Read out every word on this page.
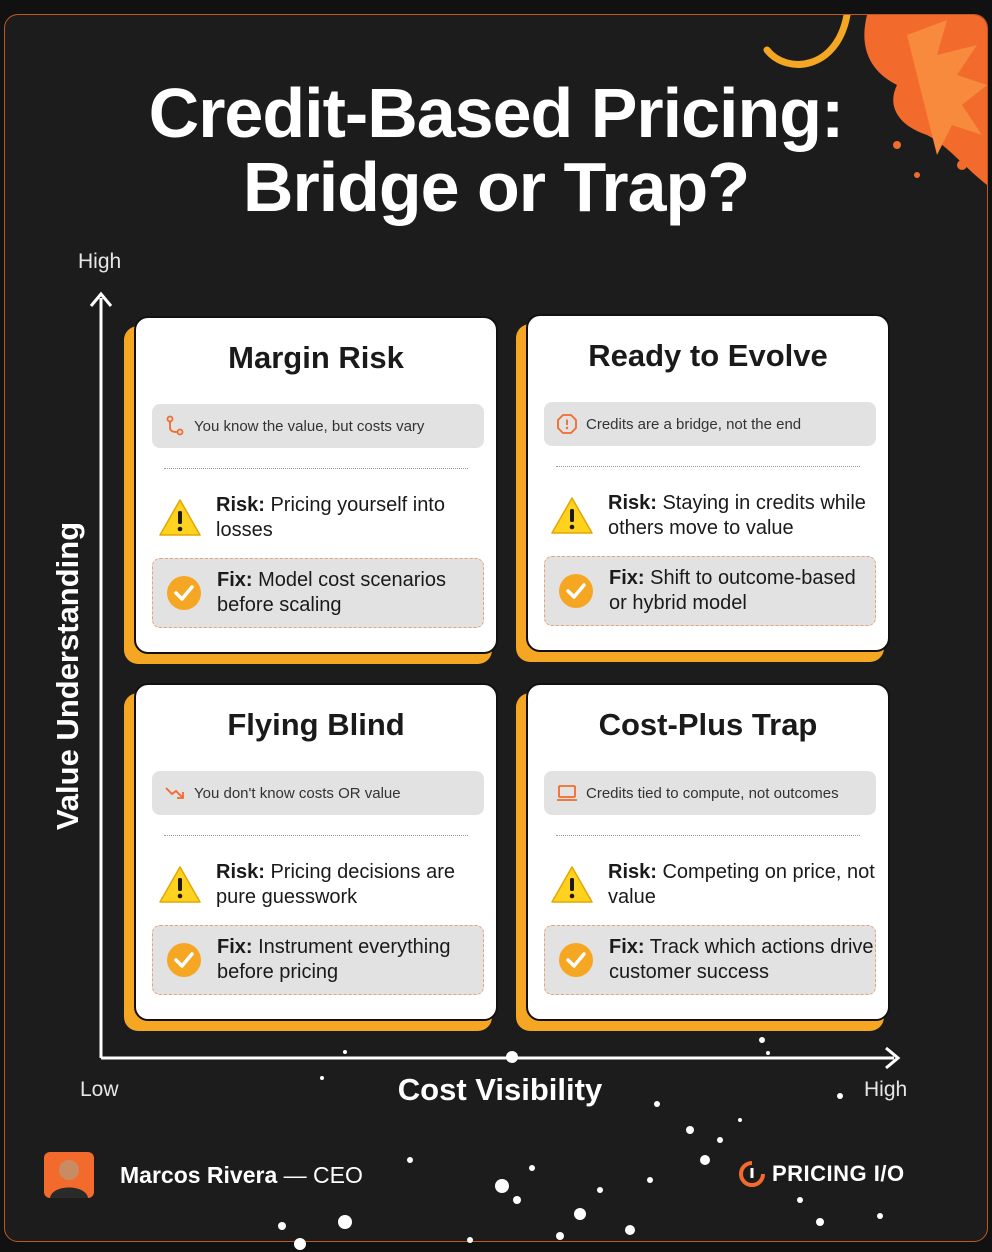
Credit-Based Pricing:
Bridge or Trap?
High
Value Understanding
Low	Cost Visibility	High
Margin Risk
You know the value, but costs vary
Risk: Pricing yourself into losses
Fix: Model cost scenarios before scaling
Ready to Evolve
Credits are a bridge, not the end
Risk: Staying in credits while others move to value
Fix: Shift to outcome-based or hybrid model
Flying Blind
You don't know costs OR value
Risk: Pricing decisions are pure guesswork
Fix: Instrument everything before pricing
Cost-Plus Trap
Credits tied to compute, not outcomes
Risk: Competing on price, not value
Fix: Track which actions drive customer success
Marcos Rivera — CEO	PRICING I/O
